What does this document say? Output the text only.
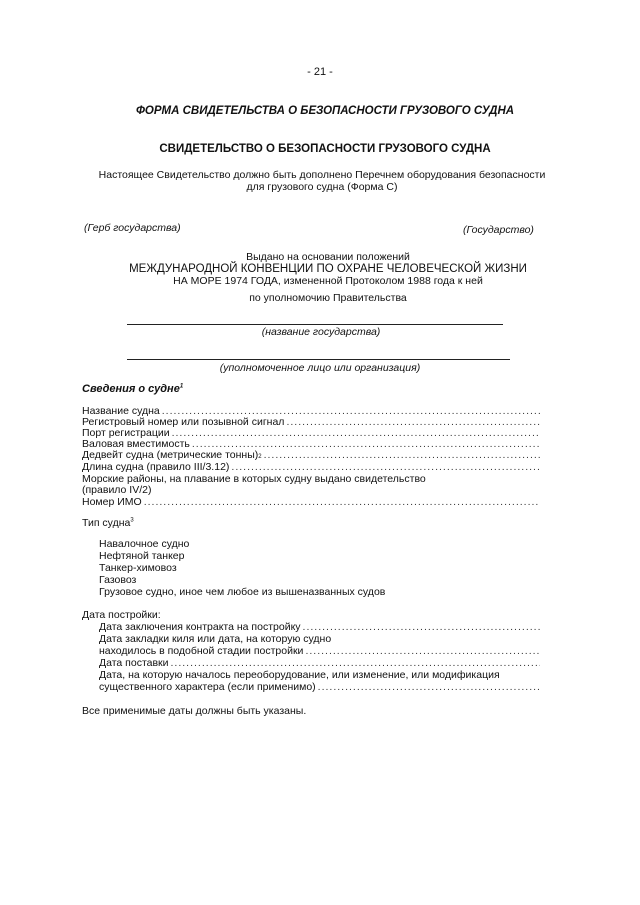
- 21 -
ФОРМА СВИДЕТЕЛЬСТВА О БЕЗОПАСНОСТИ ГРУЗОВОГО СУДНА
СВИДЕТЕЛЬСТВО О БЕЗОПАСНОСТИ ГРУЗОВОГО СУДНА
Настоящее Свидетельство должно быть дополнено Перечнем оборудования безопасности
для грузового судна (Форма С)
(Герб государства)	(Государство)
Выдано на основании положений
МЕЖДУНАРОДНОЙ КОНВЕНЦИИ ПО ОХРАНЕ ЧЕЛОВЕЧЕСКОЙ ЖИЗНИ
НА МОРЕ 1974 ГОДА, измененной Протоколом 1988 года к ней
по уполномочию Правительства
(название государства)
(уполномоченное лицо или организация)
Сведения о судне$^1$
Название судна
.....
Регистровый номер или позывной сигнал
.....
Порт регистрации
.....
Валовая вместимость
.....
Дедвейт судна (метрические тонны) 2
.....
Длина судна (правило III/3.12)
.....
Морские районы, на плавание в которых судну выдано свидетельство
(правило IV/2)
Номер ИМО
.....
Тип судна$^3$
Навалочное судно
Нефтяной танкер
Танкер-химовоз
Газовоз
Грузовое судно, иное чем любое из вышеназванных судов
Дата постройки:
Дата заключения контракта на постройку
.....
Дата закладки киля или дата, на которую судно
находилось в подобной стадии постройки
.....
Дата поставки
.....
Дата, на которую началось переоборудование, или изменение, или модификация
существенного характера (если применимо)
.....
Все применимые даты должны быть указаны.
